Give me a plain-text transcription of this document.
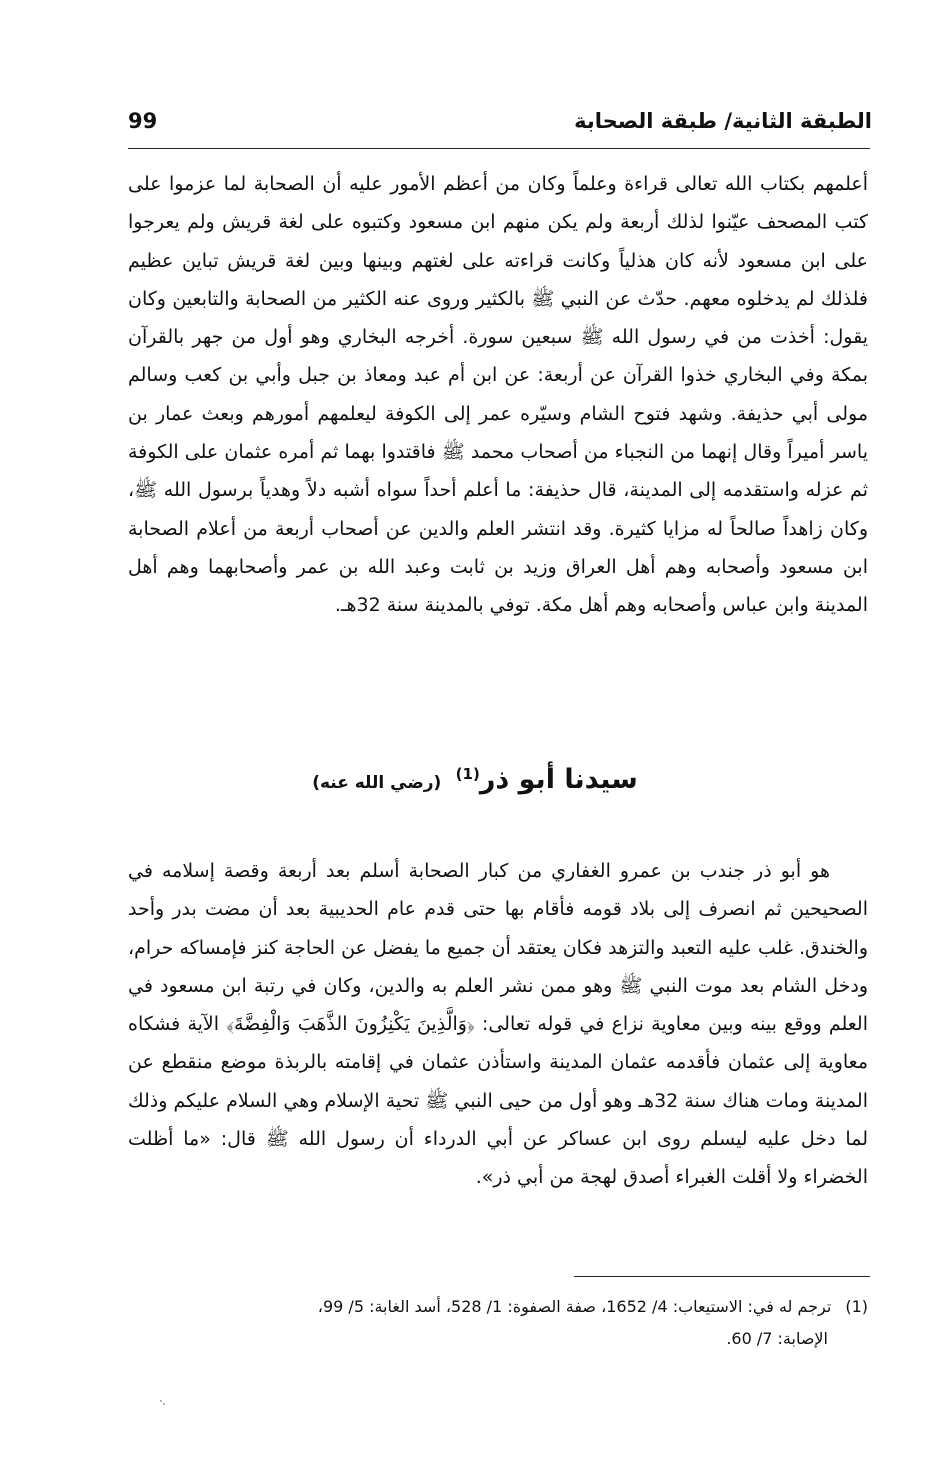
الطبقة الثانية/ طبقة الصحابة
99

أعلمهم بكتاب الله تعالى قراءة وعلماً وكان من أعظم الأمور عليه أن الصحابة لما عزموا على كتب المصحف عيّنوا لذلك أربعة ولم يكن منهم ابن مسعود وكتبوه على لغة قريش ولم يعرجوا على ابن مسعود لأنه كان هذلياً وكانت قراءته على لغتهم وبينها وبين لغة قريش تباين عظيم فلذلك لم يدخلوه معهم. حدّث عن النبي ﷺ بالكثير وروى عنه الكثير من الصحابة والتابعين وكان يقول: أخذت من في رسول الله ﷺ سبعين سورة. أخرجه البخاري وهو أول من جهر بالقرآن بمكة وفي البخاري خذوا القرآن عن أربعة: عن ابن أم عبد ومعاذ بن جبل وأبي بن كعب وسالم مولى أبي حذيفة. وشهد فتوح الشام وسيّره عمر إلى الكوفة ليعلمهم أمورهم وبعث عمار بن ياسر أميراً وقال إنهما من النجباء من أصحاب محمد ﷺ فاقتدوا بهما ثم أمره عثمان على الكوفة ثم عزله واستقدمه إلى المدينة، قال حذيفة: ما أعلم أحداً سواه أشبه دلاً وهدياً برسول الله ﷺ، وكان زاهداً صالحاً له مزايا كثيرة. وقد انتشر العلم والدين عن أصحاب أربعة من أعلام الصحابة ابن مسعود وأصحابه وهم أهل العراق وزيد بن ثابت وعبد الله بن عمر وأصحابهما وهم أهل المدينة وابن عباس وأصحابه وهم أهل مكة. توفي بالمدينة سنة 32هـ.

سيدنا أبو ذر$^{(1)}$ (رضي الله عنه)

هو أبو ذر جندب بن عمرو الغفاري من كبار الصحابة أسلم بعد أربعة وقصة إسلامه في الصحيحين ثم انصرف إلى بلاد قومه فأقام بها حتى قدم عام الحديبية بعد أن مضت بدر وأحد والخندق. غلب عليه التعبد والتزهد فكان يعتقد أن جميع ما يفضل عن الحاجة كنز فإمساكه حرام، ودخل الشام بعد موت النبي ﷺ وهو ممن نشر العلم به والدين، وكان في رتبة ابن مسعود في العلم ووقع بينه وبين معاوية نزاع في قوله تعالى: ﴿وَالَّذِينَ يَكْنِزُونَ الذَّهَبَ وَالْفِضَّةَ﴾ الآية فشكاه معاوية إلى عثمان فأقدمه عثمان المدينة واستأذن عثمان في إقامته بالربذة موضع منقطع عن المدينة ومات هناك سنة 32هـ وهو أول من حيى النبي ﷺ تحية الإسلام وهي السلام عليكم وذلك لما دخل عليه ليسلم روى ابن عساكر عن أبي الدرداء أن رسول الله ﷺ قال: «ما أظلت الخضراء ولا أقلت الغبراء أصدق لهجة من أبي ذر».

(1)ترجم له في: الاستيعاب: 4/ 1652، صفة الصفوة: 1/ 528، أسد الغابة: 5/ 99،
الإصابة: 7/ 60.
